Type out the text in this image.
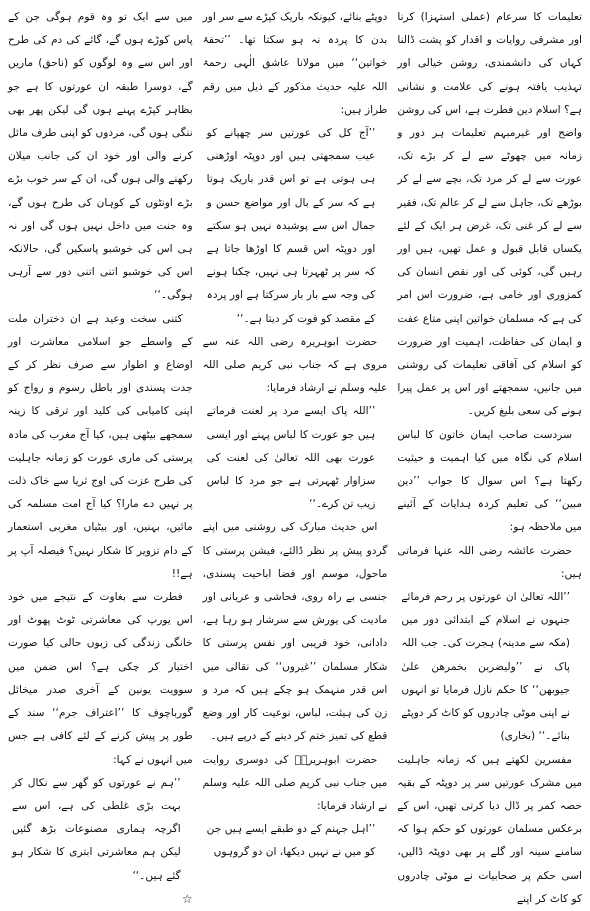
تعلیمات کا سرعام (عملی استہزا) کرنا اور مشرقی روایات و اقدار کو پشت ڈالنا کہاں کی دانشمندی، روشن خیالی اور تہذیب یافتہ ہونے کی علامت و نشانی ہے؟ اسلام دین فطرت ہے، اس کی روشن واضح اور غیرمبہم تعلیمات ہر دور و زمانہ میں چھوٹے سے لے کر بڑے تک، عورت سے لے کر مرد تک، بچے سے لے کر بوڑھے تک، جاہل سے لے کر عالم تک، فقیر سے لے کر غنی تک، غرض ہر ایک کے لئے یکساں قابل قبول و عمل تھیں، ہیں اور رہیں گی، کوئی کی اور نقص انسان کی کمزوری اور خامی ہے، ضرورت اس امر کی ہے کہ مسلمان خواتین اپنی متاع عفت و ایمان کی حفاظت، اہمیت اور ضرورت کو اسلام کی آفاقی تعلیمات کی روشنی میں جانیں، سمجھتے اور اس پر عمل پیرا ہونے کی سعی بلیغ کریں۔

سردست صاحب ایمان خاتون کا لباس اسلام کی نگاہ میں کیا اہمیت و حیثیت رکھتا ہے؟ اس سوال کا جواب ’’دین مبین‘‘ کی تعلیم کردہ ہدایات کے آئینے میں ملاحظہ ہو:

حضرت عائشہ رضی اللہ عنہا فرماتی ہیں:

’’اللہ تعالیٰ ان عورتوں پر رحم فرمائے جنہوں نے اسلام کے ابتدائی دور میں (مکہ سے مدینہ) ہجرت کی۔ جب اللہ پاک نے ’’ولیضربن بخمرھن علیٰ جیوبھن‘‘ کا حکم نازل فرمایا تو انہوں نے اپنی موٹی چادروں کو کاٹ کر دوپٹے بنائے۔‘‘ (بخاری)

مفسرین لکھتے ہیں کہ زمانہ جاہلیت میں مشرک عورتیں سر پر دوپٹہ کے بقیہ حصہ کمر پر ڈال دیا کرتی تھیں، اس کے برعکس مسلمان عورتوں کو حکم ہوا کہ سامنے سینہ اور گلے پر بھی دوپٹہ ڈالیں، اسی حکم پر صحابیات نے موٹی چادروں کو کاٹ کر اپنے

دوپٹے بنائے، کیونکہ باریک کپڑے سے سر اور بدن کا پردہ نہ ہو سکتا تھا۔ ’’تحفۂ خواتین‘‘ میں مولانا عاشق الٰہی رحمۃ اللہ علیہ حدیث مذکور کے ذیل میں رقم طراز ہیں:

’’آج کل کی عورتیں سر چھپانے کو عیب سمجھتی ہیں اور دوپٹہ اوڑھنی ہی ہوتی ہے تو اس قدر باریک ہوتا ہے کہ سر کے بال اور مواضع حسن و جمال اس سے پوشیدہ نہیں ہو سکتے اور دوپٹہ اس قسم کا اوڑھا جاتا ہے کہ سر پر ٹھہرتا ہی نہیں، چکنا ہونے کی وجہ سے بار بار سرکتا ہے اور پردہ کے مقصد کو فوت کر دیتا ہے۔‘‘

حضرت ابوہریرہ رضی اللہ عنہ سے مروی ہے کہ جناب نبی کریم صلی اللہ علیہ وسلم نے ارشاد فرمایا:

’’اللہ پاک ایسے مرد پر لعنت فرماتے ہیں جو عورت کا لباس پہنے اور ایسی عورت بھی اللہ تعالیٰ کی لعنت کی سزاوار ٹھہرتی ہے جو مرد کا لباس زیب تن کرے۔‘‘

اس حدیث مبارک کی روشنی میں اپنے گردو پیش پر نظر ڈالئے، فیشن پرستی کا ماحول، موسم اور فضا اباحیت پسندی، جنسی بے راہ روی، فحاشی و عریانی اور مادیت کی یورش سے سرشار ہو رہا ہے، دادانی، خود فریبی اور نفس پرستی کا شکار مسلمان ’’غیروں‘‘ کی نقالی میں اس قدر منہمک ہو چکے ہیں کہ مرد و زن کی ہیئت، لباس، نوعیت کار اور وضع قطع کی تمیز ختم کر دینے کے درپے ہیں۔

حضرت ابوہریرہؓ کی دوسری روایت میں جناب نبی کریم صلی اللہ علیہ وسلم نے ارشاد فرمایا:

’’اہل جہنم کے دو طبقے ایسے ہیں جن کو میں نے نہیں دیکھا، ان دو گروہوں

میں سے ایک تو وہ قوم ہوگی جن کے پاس کوڑے ہوں گے، گائے کی دم کی طرح اور اس سے وہ لوگوں کو (ناحق) ماریں گے، دوسرا طبقہ ان عورتوں کا ہے جو بظاہر کپڑے پہنے ہوں گی لیکن پھر بھی ننگی ہوں گی، مردوں کو اپنی طرف مائل کرنے والی اور خود ان کی جانب میلان رکھنے والی ہوں گی، ان کے سر خوب بڑے بڑے اونٹوں کے کوہان کی طرح ہوں گے، وہ جنت میں داخل نہیں ہوں گی اور نہ ہی اس کی خوشبو پاسکیں گی، حالانکہ اس کی خوشبو اتنی اتنی دور سے آرہی ہوگی۔‘‘

کتنی سخت وعید ہے ان دختران ملت کے واسطے جو اسلامی معاشرت اور اوضاع و اطوار سے صرف نظر کر کے جدت پسندی اور باطل رسوم و رواج کو اپنی کامیابی کی کلید اور ترقی کا زینہ سمجھے بیٹھی ہیں، کیا آج مغرب کی مادہ پرستی کی ماری عورت کو زمانہ جاہلیت کی طرح عزت کی اوج ثریا سے خاک ذلت پر نہیں دے مارا؟ کیا آج امت مسلمہ کی مائیں، بہنیں، اور بیٹیاں مغربی استعمار کے دام تزویر کا شکار نہیں؟ فیصلہ آپ پر ہے!!

فطرت سے بغاوت کے نتیجے میں خود اس یورپ کی معاشرتی ٹوٹ پھوٹ اور خانگی زندگی کی زبوں حالی کیا صورت اختیار کر چکی ہے؟ اس ضمن میں سوویت یونین کے آخری صدر میخائل گورباچوف کا ’’اعتراف جرم‘‘ سند کے طور پر پیش کرنے کے لئے کافی ہے جس میں انہوں نے کہا:

’’ہم نے عورتوں کو گھر سے نکال کر بہت بڑی غلطی کی ہے، اس سے اگرچہ ہماری مصنوعات بڑھ گئیں لیکن ہم معاشرتی ابتری کا شکار ہو گئے ہیں۔‘‘

☆
